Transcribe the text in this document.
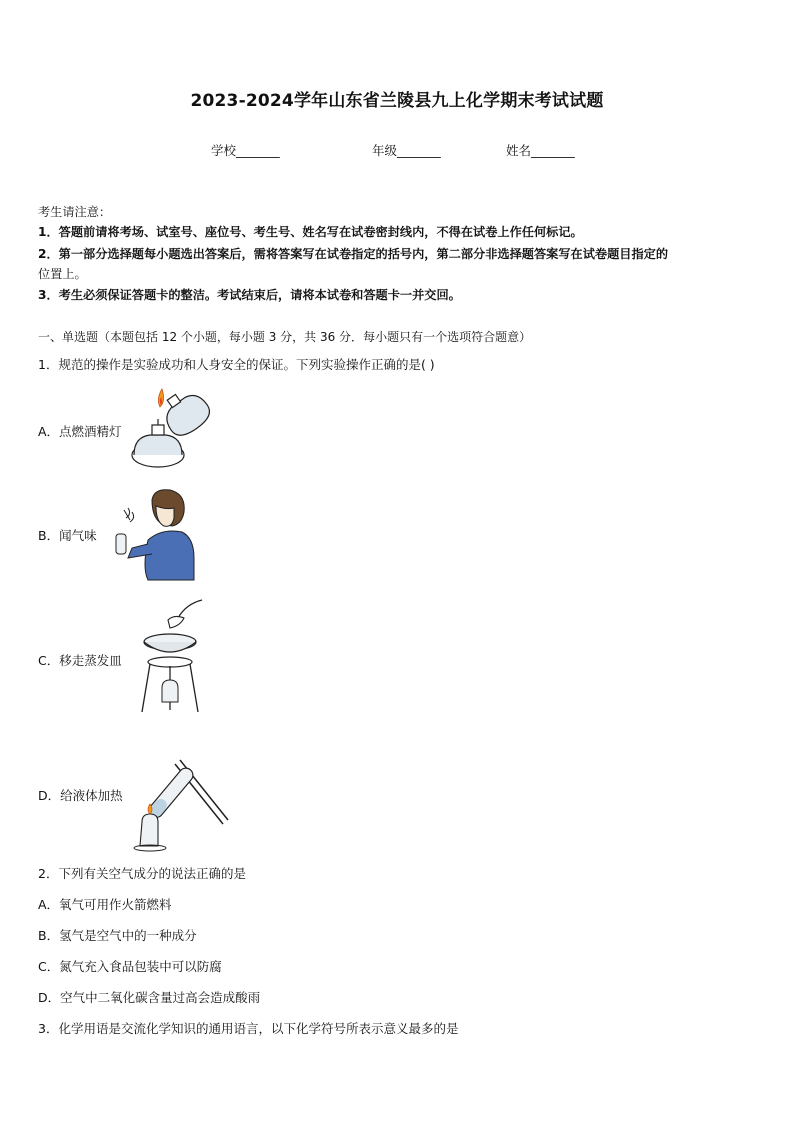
2023-2024学年山东省兰陵县九上化学期末考试试题
学校_______	年级_______	姓名_______
考生请注意：
1．答题前请将考场、试室号、座位号、考生号、姓名写在试卷密封线内，不得在试卷上作任何标记。
2．第一部分选择题每小题选出答案后，需将答案写在试卷指定的括号内，第二部分非选择题答案写在试卷题目指定的
位置上。
3．考生必须保证答题卡的整洁。考试结束后，请将本试卷和答题卡一并交回。
一、单选题（本题包括 12 个小题，每小题 3 分，共 36 分．每小题只有一个选项符合题意）
1．规范的操作是实验成功和人身安全的保证。下列实验操作正确的是( )
A．点燃酒精灯
B．闻气味
C．移走蒸发皿
D．给液体加热
2．下列有关空气成分的说法正确的是
A．氧气可用作火箭燃料
B．氢气是空气中的一种成分
C．氮气充入食品包装中可以防腐
D．空气中二氧化碳含量过高会造成酸雨
3．化学用语是交流化学知识的通用语言，以下化学符号所表示意义最多的是
